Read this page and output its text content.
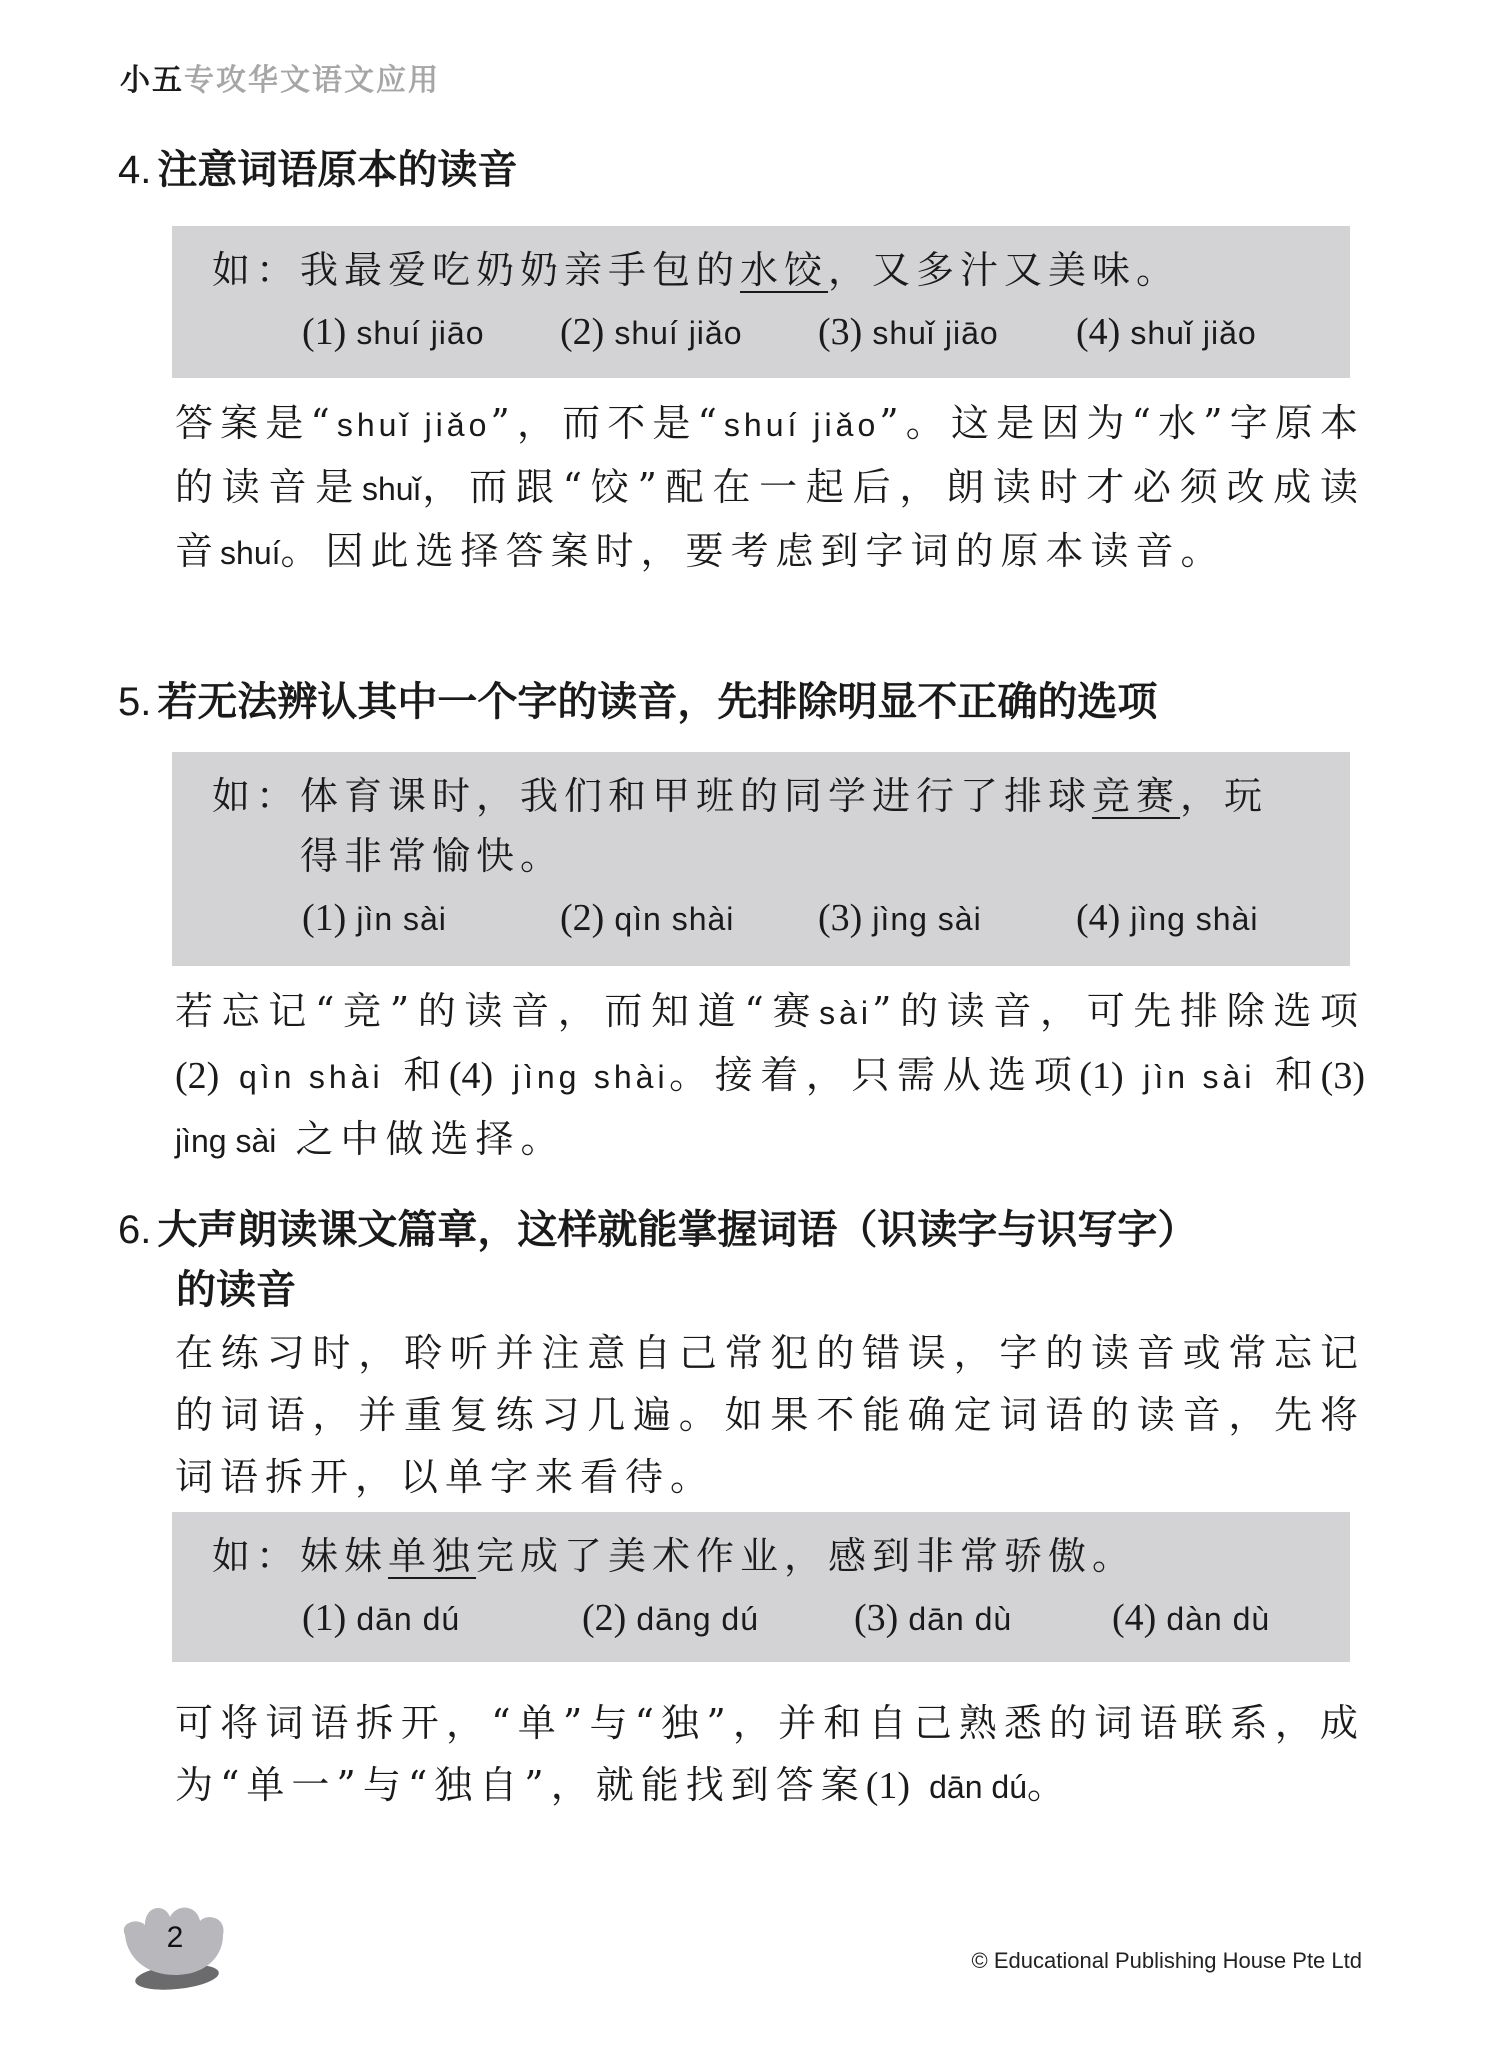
小五专攻华文语文应用
4. 注意词语原本的读音
如： 我最爱吃奶奶亲手包的水饺，又多汁又美味。
(1) shuí jiāo (2) shuí jiǎo (3) shuǐ jiāo (4) shuǐ jiǎo
答案是“shuǐ jiǎo”，而不是“shuí jiǎo”。这是因为“水”字原本的读音是shuǐ，而跟“饺”配在一起后，朗读时才必须改成读音shuí。因此选择答案时，要考虑到字词的原本读音。
5. 若无法辨认其中一个字的读音，先排除明显不正确的选项
如： 体育课时，我们和甲班的同学进行了排球竞赛，玩得非常愉快。
(1) jìn sài	(2) qìn shài (3) jìng sài (4) jìng shài
若忘记“竞”的读音，而知道“赛sài”的读音，可先排除选项(2) qìn shài 和(4) jìng shài。接着，只需从选项(1) jìn sài 和(3) jìng sài 之中做选择。
6. 大声朗读课文篇章，这样就能掌握词语（识读字与识写字）
的读音
在练习时，聆听并注意自己常犯的错误，字的读音或常忘记的词语，并重复练习几遍。如果不能确定词语的读音，先将词语拆开，以单字来看待。
如： 妹妹单独完成了美术作业，感到非常骄傲。
(1) dān dú	(2) dāng dú	(3) dān dù	(4) dàn dù
可将词语拆开，“单”与“独”，并和自己熟悉的词语联系，成为“单一”与“独自”，就能找到答案(1) dān dú。
2
© Educational Publishing House Pte Ltd
